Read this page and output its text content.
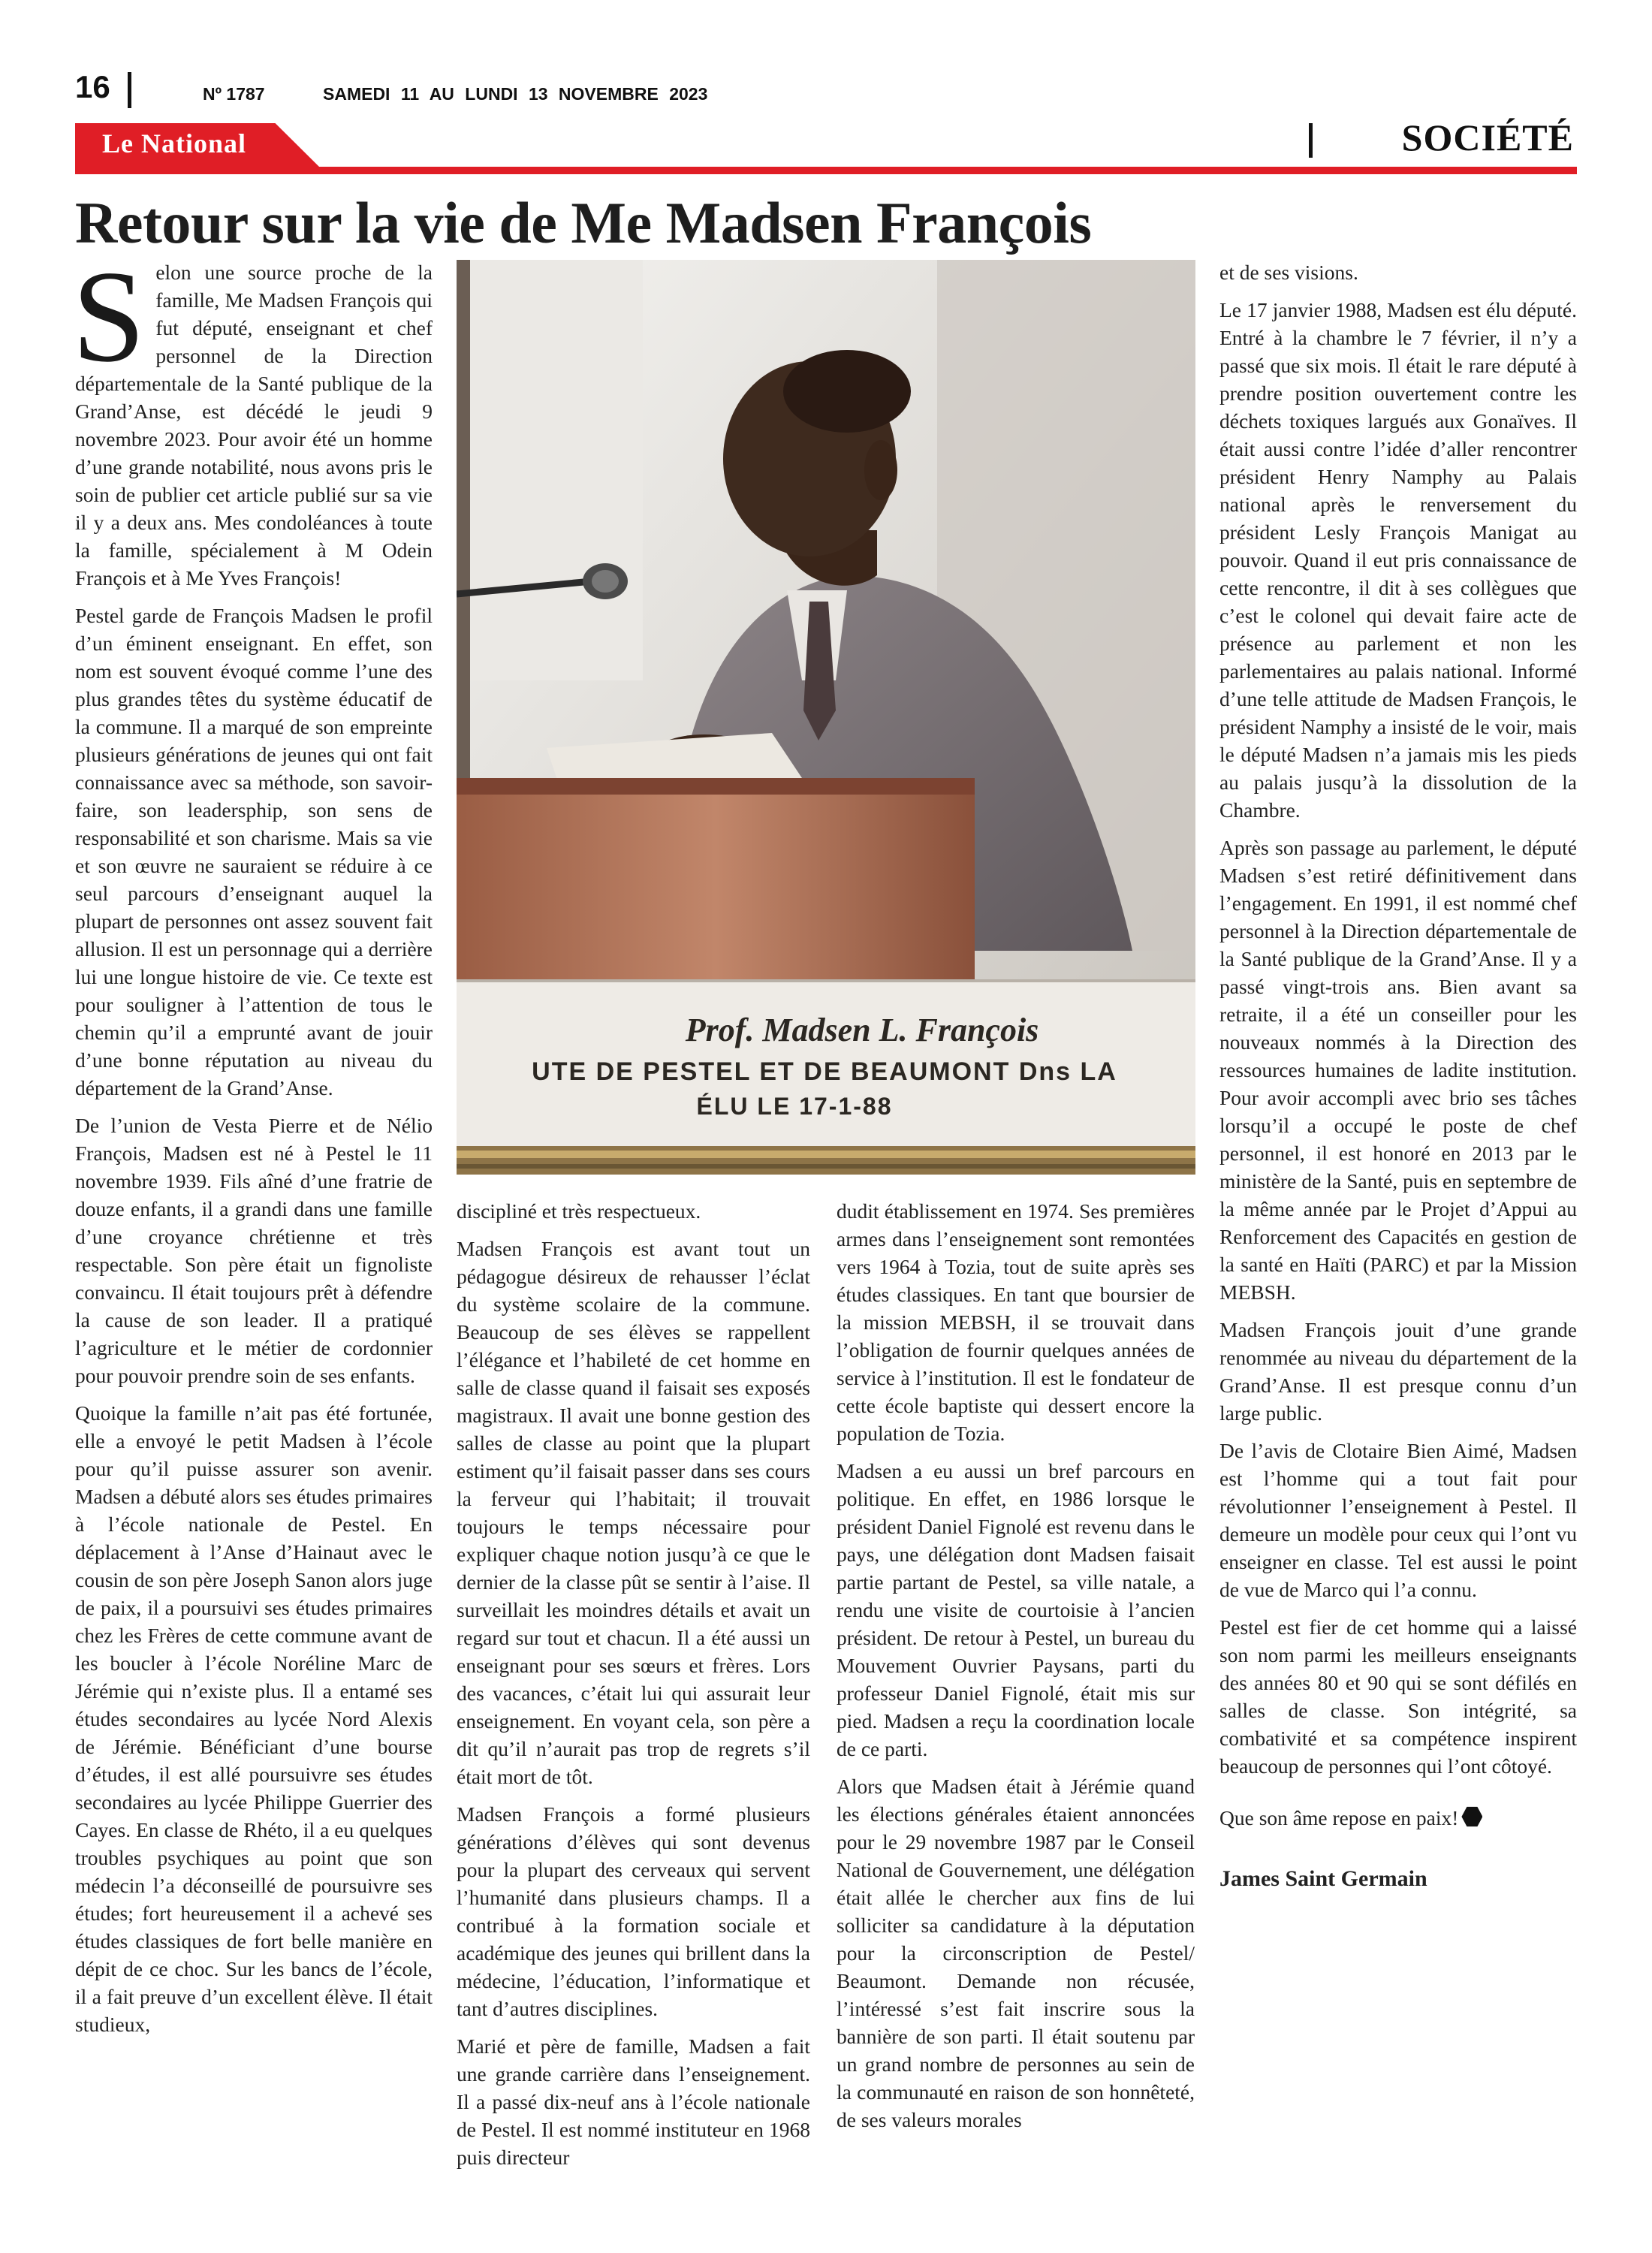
16	Nº 1787	SAMEDI 11 AU LUNDI 13 NOVEMBRE 2023
Le National	SOCIÉTÉ
Retour sur la vie de Me Madsen François

Selon une source proche de la famille, Me Madsen François qui fut député, enseignant et chef personnel de la Direction départementale de la Santé publique de la Grand’Anse, est décédé le jeudi 9 novembre 2023. Pour avoir été un homme d’une grande notabilité, nous avons pris le soin de publier cet article publié sur sa vie il y a deux ans. Mes condoléances à toute la famille, spécialement à M Odein François et à Me Yves François!

Pestel garde de François Madsen le profil d’un éminent enseignant. En effet, son nom est souvent évoqué comme l’une des plus grandes têtes du système éducatif de la commune. Il a marqué de son empreinte plusieurs générations de jeunes qui ont fait connaissance avec sa méthode, son savoir-faire, son leadersphip, son sens de responsabilité et son charisme. Mais sa vie et son œuvre ne sauraient se réduire à ce seul parcours d’enseignant auquel la plupart de personnes ont assez souvent fait allusion. Il est un personnage qui a derrière lui une longue histoire de vie. Ce texte est pour souligner à l’attention de tous le chemin qu’il a emprunté avant de jouir d’une bonne réputation au niveau du département de la Grand’Anse.

De l’union de Vesta Pierre et de Nélio François, Madsen est né à Pestel le 11 novembre 1939. Fils aîné d’une fratrie de douze enfants, il a grandi dans une famille d’une croyance chrétienne et très respectable. Son père était un fignoliste convaincu. Il était toujours prêt à défendre la cause de son leader. Il a pratiqué l’agriculture et le métier de cordonnier pour pouvoir prendre soin de ses enfants.

Quoique la famille n’ait pas été fortunée, elle a envoyé le petit Madsen à l’école pour qu’il puisse assurer son avenir. Madsen a débuté alors ses études primaires à l’école nationale de Pestel. En déplacement à l’Anse d’Hainaut avec le cousin de son père Joseph Sanon alors juge de paix, il a poursuivi ses études primaires chez les Frères de cette commune avant de les boucler à l’école Noréline Marc de Jérémie qui n’existe plus. Il a entamé ses études secondaires au lycée Nord Alexis de Jérémie. Bénéficiant d’une bourse d’études, il est allé poursuivre ses études secondaires au lycée Philippe Guerrier des Cayes. En classe de Rhéto, il a eu quelques troubles psychiques au point que son médecin l’a déconseillé de poursuivre ses études; fort heureusement il a achevé ses études classiques de fort belle manière en dépit de ce choc. Sur les bancs de l’école, il a fait preuve d’un excellent élève. Il était studieux,

Prof. Madsen L. François
UTE DE PESTEL ET DE BEAUMONT Dns LA
ÉLU LE 17-1-88

discipliné et très respectueux.

Madsen François est avant tout un pédagogue désireux de rehausser l’éclat du système scolaire de la commune. Beaucoup de ses élèves se rappellent l’élégance et l’habileté de cet homme en salle de classe quand il faisait ses exposés magistraux. Il avait une bonne gestion des salles de classe au point que la plupart estiment qu’il faisait passer dans ses cours la ferveur qui l’habitait; il trouvait toujours le temps nécessaire pour expliquer chaque notion jusqu’à ce que le dernier de la classe pût se sentir à l’aise. Il surveillait les moindres détails et avait un regard sur tout et chacun. Il a été aussi un enseignant pour ses sœurs et frères. Lors des vacances, c’était lui qui assurait leur enseignement. En voyant cela, son père a dit qu’il n’aurait pas trop de regrets s’il était mort de tôt.

Madsen François a formé plusieurs générations d’élèves qui sont devenus pour la plupart des cerveaux qui servent l’humanité dans plusieurs champs. Il a contribué à la formation sociale et académique des jeunes qui brillent dans la médecine, l’éducation, l’informatique et tant d’autres disciplines.

Marié et père de famille, Madsen a fait une grande carrière dans l’enseignement. Il a passé dix-neuf ans à l’école nationale de Pestel. Il est nommé instituteur en 1968 puis directeur

dudit établissement en 1974. Ses premières armes dans l’enseignement sont remontées vers 1964 à Tozia, tout de suite après ses études classiques. En tant que boursier de la mission MEBSH, il se trouvait dans l’obligation de fournir quelques années de service à l’institution. Il est le fondateur de cette école baptiste qui dessert encore la population de Tozia.

Madsen a eu aussi un bref parcours en politique. En effet, en 1986 lorsque le président Daniel Fignolé est revenu dans le pays, une délégation dont Madsen faisait partie partant de Pestel, sa ville natale, a rendu une visite de courtoisie à l’ancien président. De retour à Pestel, un bureau du Mouvement Ouvrier Paysans, parti du professeur Daniel Fignolé, était mis sur pied. Madsen a reçu la coordination locale de ce parti.

Alors que Madsen était à Jérémie quand les élections générales étaient annoncées pour le 29 novembre 1987 par le Conseil National de Gouvernement, une délégation était allée le chercher aux fins de lui solliciter sa candidature à la députation pour la circonscription de Pestel/ Beaumont. Demande non récusée, l’intéressé s’est fait inscrire sous la bannière de son parti. Il était soutenu par un grand nombre de personnes au sein de la communauté en raison de son honnêteté, de ses valeurs morales

et de ses visions.

Le 17 janvier 1988, Madsen est élu député. Entré à la chambre le 7 février, il n’y a passé que six mois. Il était le rare député à prendre position ouvertement contre les déchets toxiques largués aux Gonaïves. Il était aussi contre l’idée d’aller rencontrer président Henry Namphy au Palais national après le renversement du président Lesly François Manigat au pouvoir. Quand il eut pris connaissance de cette rencontre, il dit à ses collègues que c’est le colonel qui devait faire acte de présence au parlement et non les parlementaires au palais national. Informé d’une telle attitude de Madsen François, le président Namphy a insisté de le voir, mais le député Madsen n’a jamais mis les pieds au palais jusqu’à la dissolution de la Chambre.

Après son passage au parlement, le député Madsen s’est retiré définitivement dans l’engagement. En 1991, il est nommé chef personnel à la Direction départementale de la Santé publique de la Grand’Anse. Il y a passé vingt-trois ans. Bien avant sa retraite, il a été un conseiller pour les nouveaux nommés à la Direction des ressources humaines de ladite institution. Pour avoir accompli avec brio ses tâches lorsqu’il a occupé le poste de chef personnel, il est honoré en 2013 par le ministère de la Santé, puis en septembre de la même année par le Projet d’Appui au Renforcement des Capacités en gestion de la santé en Haïti (PARC) et par la Mission MEBSH.

Madsen François jouit d’une grande renommée au niveau du département de la Grand’Anse. Il est presque connu d’un large public.

De l’avis de Clotaire Bien Aimé, Madsen est l’homme qui a tout fait pour révolutionner l’enseignement à Pestel. Il demeure un modèle pour ceux qui l’ont vu enseigner en classe. Tel est aussi le point de vue de Marco qui l’a connu.

Pestel est fier de cet homme qui a laissé son nom parmi les meilleurs enseignants des années 80 et 90 qui se sont défilés en salles de classe. Son intégrité, sa combativité et sa compétence inspirent beaucoup de personnes qui l’ont côtoyé.

Que son âme repose en paix!

James Saint Germain
